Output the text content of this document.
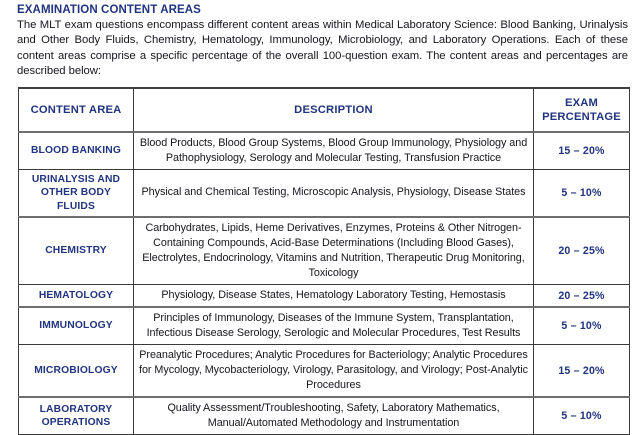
EXAMINATION CONTENT AREAS

The MLT exam questions encompass different content areas within Medical Laboratory Science: Blood Banking, Urinalysis and Other Body Fluids, Chemistry, Hematology, Immunology, Microbiology, and Laboratory Operations. Each of these content areas comprise a specific percentage of the overall 100-question exam. The content areas and percentages are described below:

CONTENT AREA	DESCRIPTION	EXAM
PERCENTAGE

BLOOD BANKING	Blood Products, Blood Group Systems, Blood Group Immunology, Physiology and Pathophysiology, Serology and Molecular Testing, Transfusion Practice	15 – 20%

URINALYSIS AND OTHER BODY FLUIDS	Physical and Chemical Testing, Microscopic Analysis, Physiology, Disease States	5 – 10%

CHEMISTRY	Carbohydrates, Lipids, Heme Derivatives, Enzymes, Proteins & Other Nitrogen-Containing Compounds, Acid-Base Determinations (Including Blood Gases), Electrolytes, Endocrinology, Vitamins and Nutrition, Therapeutic Drug Monitoring, Toxicology	20 – 25%

HEMATOLOGY	Physiology, Disease States, Hematology Laboratory Testing, Hemostasis	20 – 25%

IMMUNOLOGY	Principles of Immunology, Diseases of the Immune System, Transplantation, Infectious Disease Serology, Serologic and Molecular Procedures, Test Results	5 – 10%

MICROBIOLOGY	Preanalytic Procedures; Analytic Procedures for Bacteriology; Analytic Procedures for Mycology, Mycobacteriology, Virology, Parasitology, and Virology; Post-Analytic Procedures	15 – 20%

LABORATORY OPERATIONS	Quality Assessment/Troubleshooting, Safety, Laboratory Mathematics, Manual/Automated Methodology and Instrumentation	5 – 10%
